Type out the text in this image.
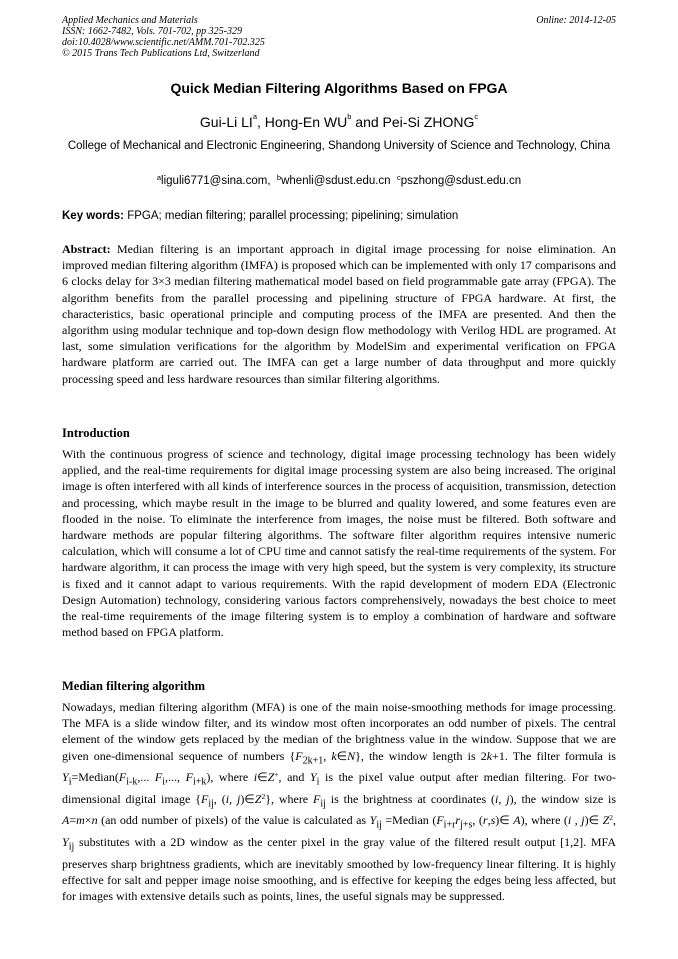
Applied Mechanics and Materials
ISSN: 1662-7482, Vols. 701-702, pp 325-329
doi:10.4028/www.scientific.net/AMM.701-702.325
© 2015 Trans Tech Publications Ltd, Switzerland
Online: 2014-12-05
Quick Median Filtering Algorithms Based on FPGA
Gui-Li $LI^a$, Hong-En $WU^b$ and Pei-Si ZHONG$^c$
College of Mechanical and Electronic Engineering, Shandong University of Science and Technology, China
$^a$liguli6771@sina.com, $^b$whenli@sdust.edu.cn $^c$pszhong@sdust.edu.cn
Key words: FPGA; median filtering; parallel processing; pipelining; simulation
Abstract: Median filtering is an important approach in digital image processing for noise elimination. An improved median filtering algorithm (IMFA) is proposed which can be implemented with only 17 comparisons and 6 clocks delay for 3×3 median filtering mathematical model based on field programmable gate array (FPGA). The algorithm benefits from the parallel processing and pipelining structure of FPGA hardware. At first, the characteristics, basic operational principle and computing process of the IMFA are presented. And then the algorithm using modular technique and top-down design flow methodology with Verilog HDL are programed. At last, some simulation verifications for the algorithm by ModelSim and experimental verification on FPGA hardware platform are carried out. The IMFA can get a large number of data throughput and more quickly processing speed and less hardware resources than similar filtering algorithms.
Introduction
With the continuous progress of science and technology, digital image processing technology has been widely applied, and the real-time requirements for digital image processing system are also being increased. The original image is often interfered with all kinds of interference sources in the process of acquisition, transmission, detection and processing, which maybe result in the image to be blurred and quality lowered, and some features even are flooded in the noise. To eliminate the interference from images, the noise must be filtered. Both software and hardware methods are popular filtering algorithms. The software filter algorithm requires intensive numeric calculation, which will consume a lot of CPU time and cannot satisfy the real-time requirements of the system. For hardware algorithm, it can process the image with very high speed, but the system is very complexity, its structure is fixed and it cannot adapt to various requirements. With the rapid development of modern EDA (Electronic Design Automation) technology, considering various factors comprehensively, nowadays the best choice to meet the real-time requirements of the image filtering system is to employ a combination of hardware and software method based on FPGA platform.
Median filtering algorithm
Nowadays, median filtering algorithm (MFA) is one of the main noise-smoothing methods for image processing. The MFA is a slide window filter, and its window most often incorporates an odd number of pixels. The central element of the window gets replaced by the median of the brightness value in the window. Suppose that we are given one-dimensional sequence of numbers {$F_{2k+1}$, k∈N}, the window length is 2k+1. The filter formula is $Y_i=Median(F_{i-k}$,... $F_i$,..., $F_{i+k}$), where i∈Z+, and $Y_i$ is the pixel value output after median filtering. For two-dimensional digital image {$F_{ij}$, (i, $j)\in Z^2$}, where $F_{ij}$ is the brightness at coordinates (i, j), the window size is A=m×n (an odd number of pixels) of the value is calculated as $Y_{ij}$ =Median ($F_{i+r}r_{j+s}$, (r,s)∈ A), where (i , j)∈ $Z^2$, $Y_{ij}$ substitutes with a 2D window as the center pixel in the gray value of the filtered result output [1,2]. MFA preserves sharp brightness gradients, which are inevitably smoothed by low-frequency linear filtering. It is highly effective for salt and pepper image noise smoothing, and is effective for keeping the edges being less affected, but for images with extensive details such as points, lines, the useful signals may be suppressed.
